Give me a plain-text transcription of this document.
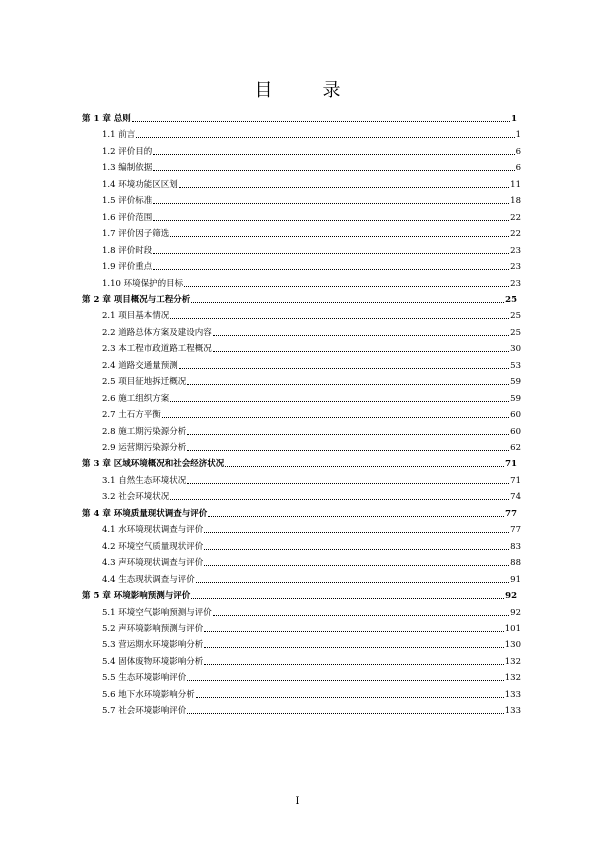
目　录
第 1 章 总则	1
1.1 前言	1
1.2 评价目的	6
1.3 编制依据	6
1.4 环境功能区区划	11
1.5 评价标准	18
1.6 评价范围	22
1.7 评价因子筛选	22
1.8 评价时段	23
1.9 评价重点	23
1.10 环境保护的目标	23
第 2 章 项目概况与工程分析	25
2.1 项目基本情况	25
2.2 道路总体方案及建设内容	25
2.3 本工程市政道路工程概况	30
2.4 道路交通量预测	53
2.5 项目征地拆迁概况	59
2.6 施工组织方案	59
2.7 土石方平衡	60
2.8 施工期污染源分析	60
2.9 运营期污染源分析	62
第 3 章 区域环境概况和社会经济状况	71
3.1 自然生态环境状况	71
3.2 社会环境状况	74
第 4 章 环境质量现状调查与评价	77
4.1 水环境现状调查与评价	77
4.2 环境空气质量现状评价	83
4.3 声环境现状调查与评价	88
4.4 生态现状调查与评价	91
第 5 章 环境影响预测与评价	92
5.1 环境空气影响预测与评价	92
5.2 声环境影响预测与评价	101
5.3 营运期水环境影响分析	130
5.4 固体废物环境影响分析	132
5.5 生态环境影响评价	132
5.6 地下水环境影响分析	133
5.7 社会环境影响评价	133
I
